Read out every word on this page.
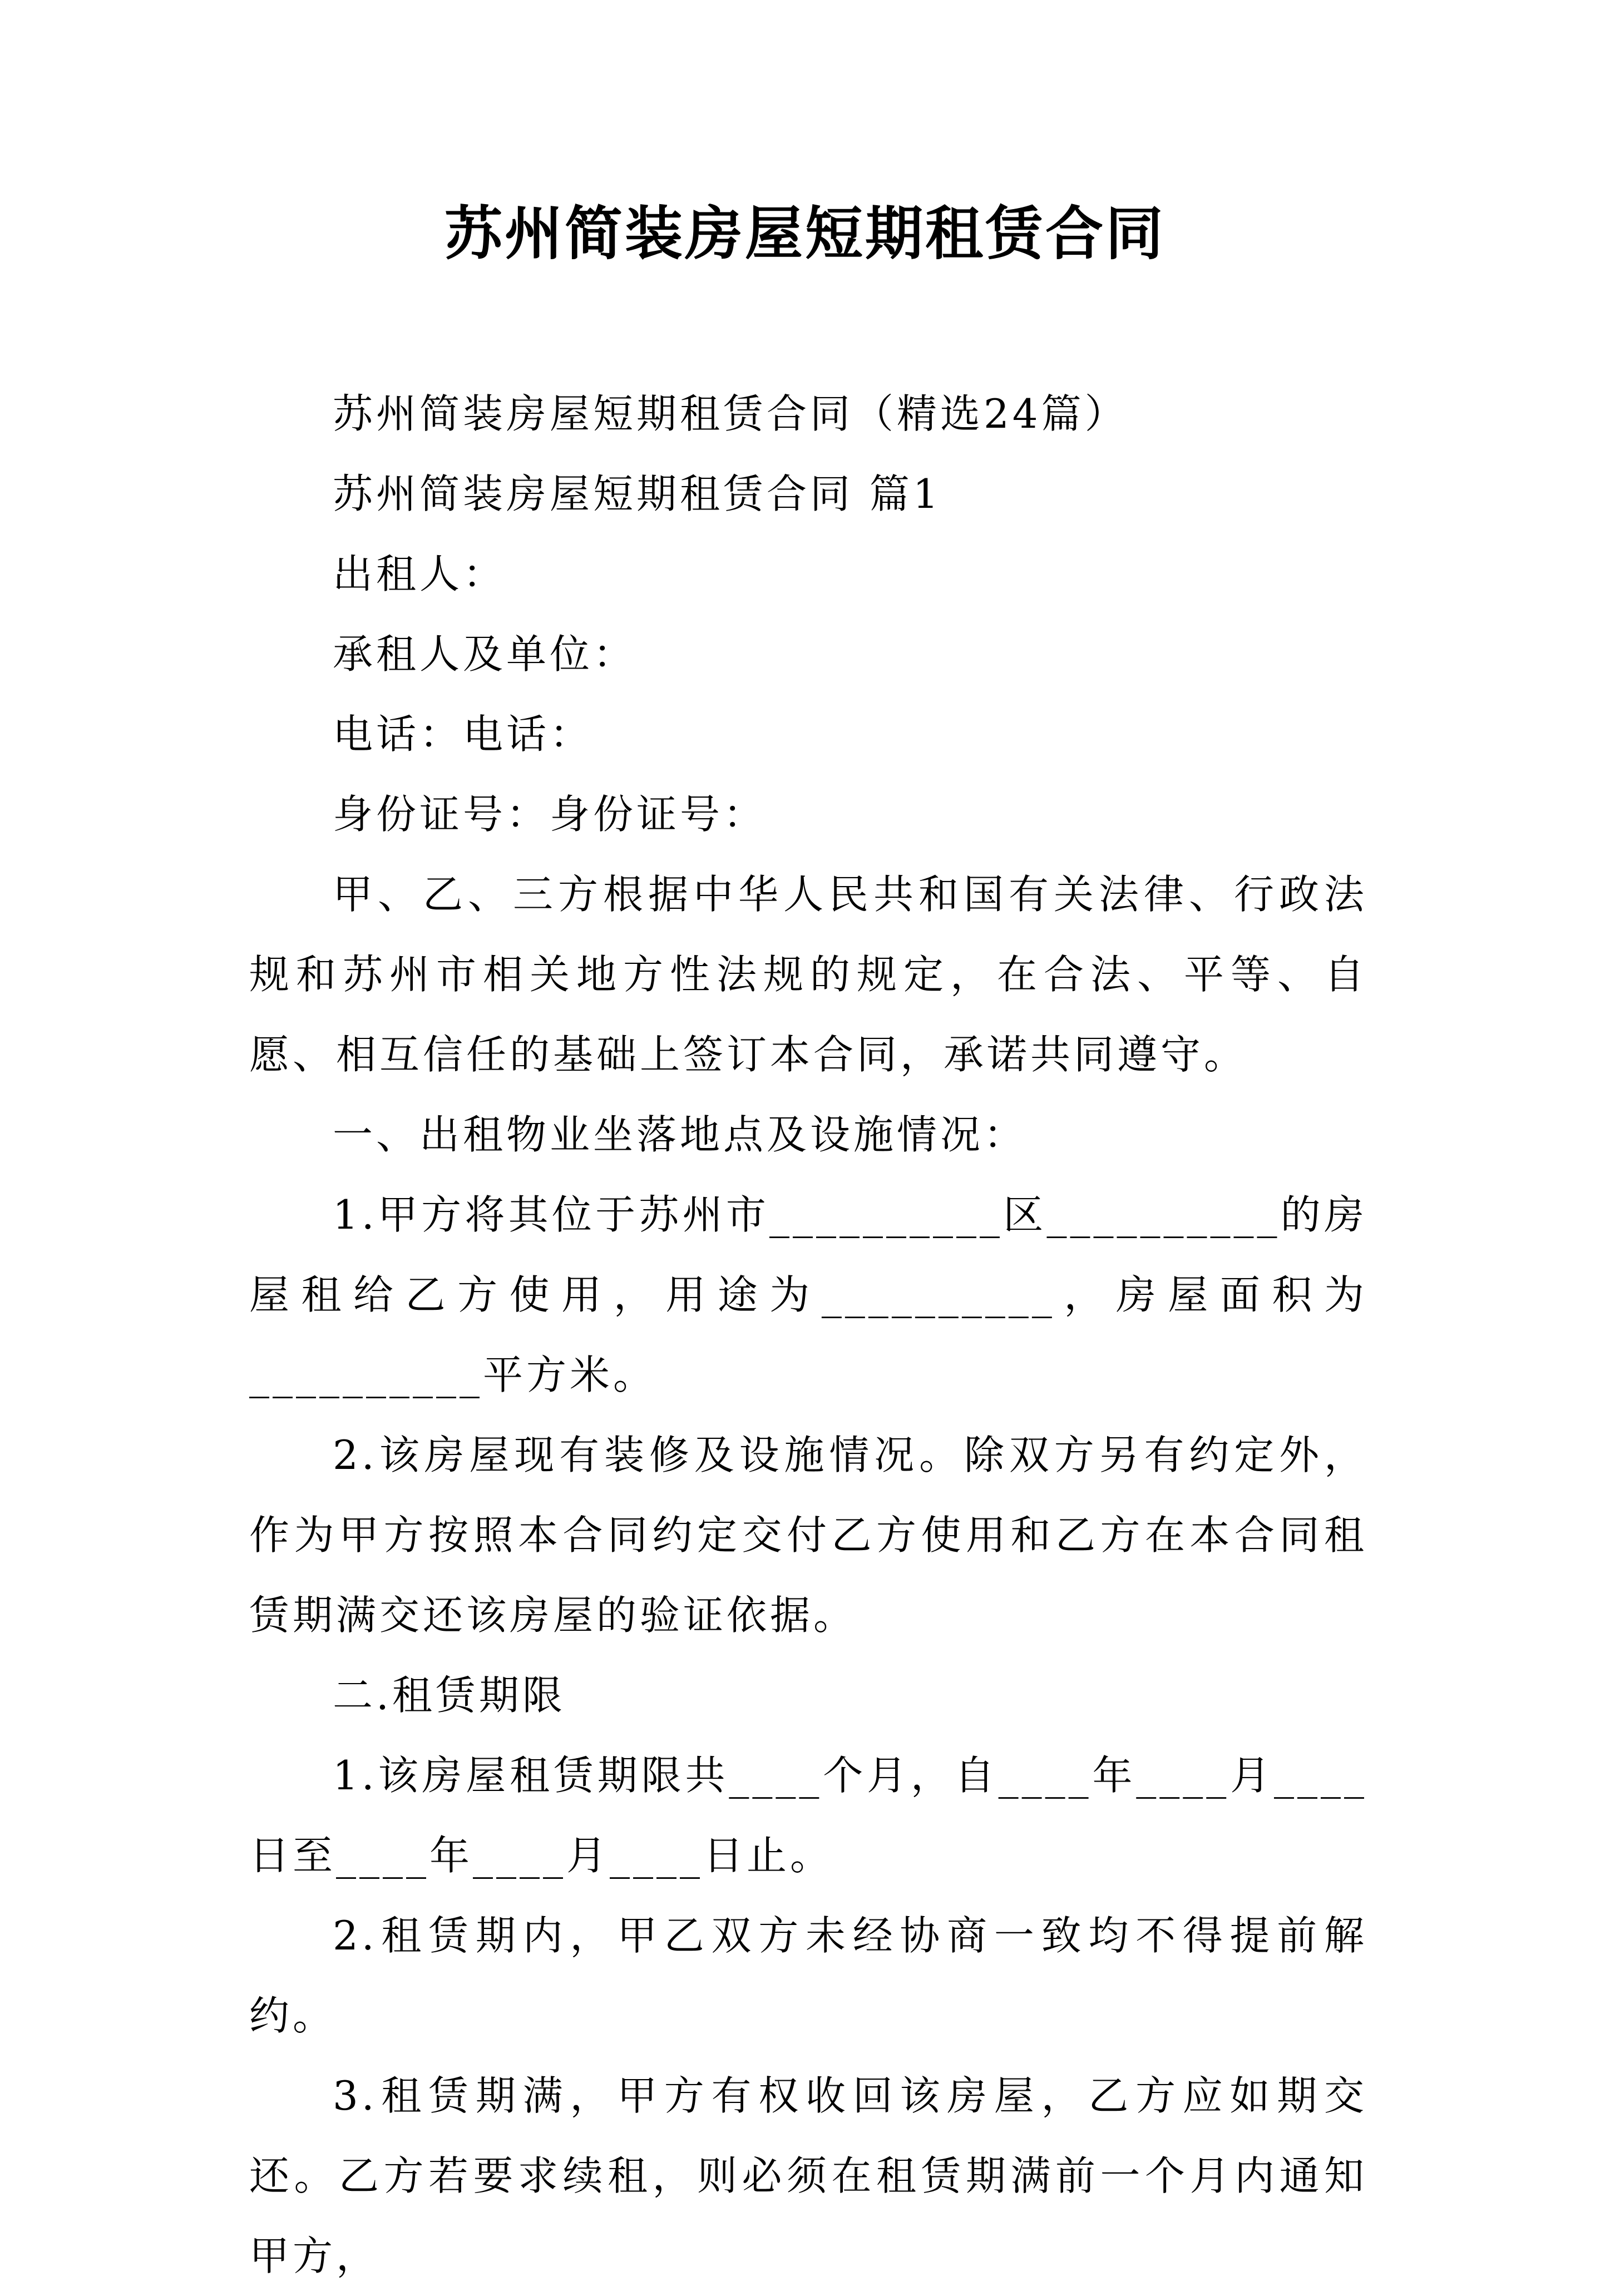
苏州简装房屋短期租赁合同

苏州简装房屋短期租赁合同（精选24篇）

苏州简装房屋短期租赁合同 篇1

出租人：

承租人及单位：

电话：电话：

身份证号：身份证号：

甲、乙、三方根据中华人民共和国有关法律、行政法规和苏州市相关地方性法规的规定，在合法、平等、自愿、相互信任的基础上签订本合同，承诺共同遵守。

一、出租物业坐落地点及设施情况：

1.甲方将其位于苏州市__________区__________的房屋租给乙方使用，用途为__________，房屋面积为__________平方米。

2.该房屋现有装修及设施情况。除双方另有约定外，作为甲方按照本合同约定交付乙方使用和乙方在本合同租赁期满交还该房屋的验证依据。

二.租赁期限

1.该房屋租赁期限共____个月，自____年____月____日至____年____月____日止。

2.租赁期内，甲乙双方未经协商一致均不得提前解约。

3.租赁期满，甲方有权收回该房屋，乙方应如期交还。乙方若要求续租，则必须在租赁期满前一个月内通知甲方，
